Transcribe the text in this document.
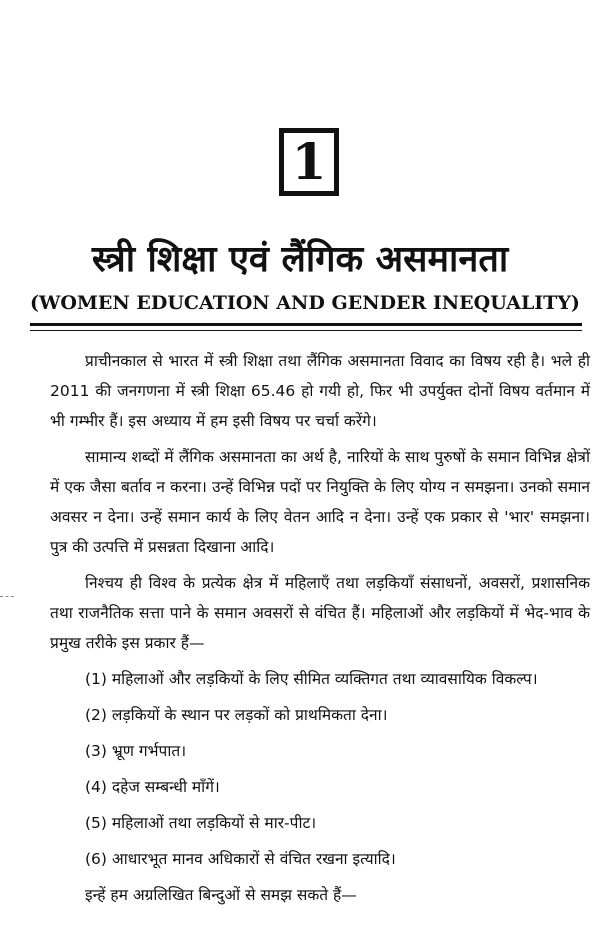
1
स्त्री शिक्षा एवं लैंगिक असमानता
(WOMEN EDUCATION AND GENDER INEQUALITY)

प्राचीनकाल से भारत में स्त्री शिक्षा तथा लैंगिक असमानता विवाद का विषय रही है। भले ही 2011 की जनगणना में स्त्री शिक्षा 65.46 हो गयी हो, फिर भी उपर्युक्त दोनों विषय वर्तमान में भी गम्भीर हैं। इस अध्याय में हम इसी विषय पर चर्चा करेंगे।

सामान्य शब्दों में लैंगिक असमानता का अर्थ है, नारियों के साथ पुरुषों के समान विभिन्न क्षेत्रों में एक जैसा बर्ताव न करना। उन्हें विभिन्न पदों पर नियुक्ति के लिए योग्य न समझना। उनको समान अवसर न देना। उन्हें समान कार्य के लिए वेतन आदि न देना। उन्हें एक प्रकार से 'भार' समझना। पुत्र की उत्पत्ति में प्रसन्नता दिखाना आदि।

निश्चय ही विश्व के प्रत्येक क्षेत्र में महिलाएँ तथा लड़कियाँ संसाधनों, अवसरों, प्रशासनिक तथा राजनैतिक सत्ता पाने के समान अवसरों से वंचित हैं। महिलाओं और लड़कियों में भेद-भाव के प्रमुख तरीके इस प्रकार हैं—

(1) महिलाओं और लड़कियों के लिए सीमित व्यक्तिगत तथा व्यावसायिक विकल्प।

(2) लड़कियों के स्थान पर लड़कों को प्राथमिकता देना।

(3) भ्रूण गर्भपात।

(4) दहेज सम्बन्धी माँगें।

(5) महिलाओं तथा लड़कियों से मार-पीट।

(6) आधारभूत मानव अधिकारों से वंचित रखना इत्यादि।

इन्हें हम अग्रलिखित बिन्दुओं से समझ सकते हैं—
